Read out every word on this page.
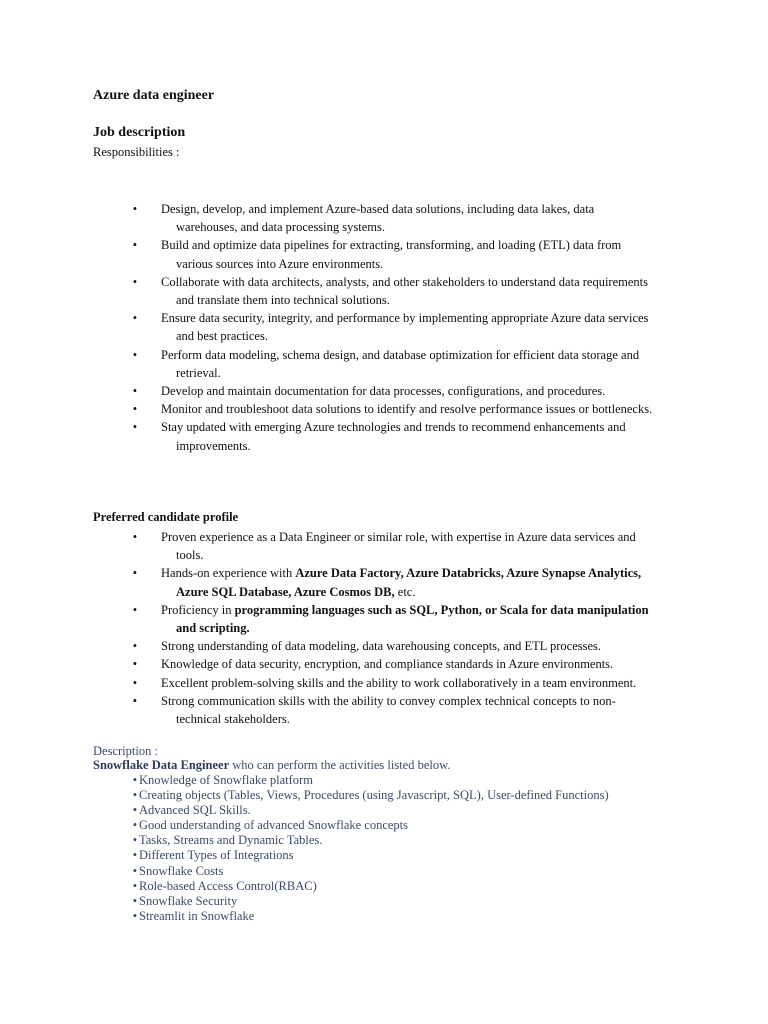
Azure data engineer
Job description

Responsibilities :

• Design, develop, and implement Azure-based data solutions, including data lakes, data
warehouses, and data processing systems.
• Build and optimize data pipelines for extracting, transforming, and loading (ETL) data from
various sources into Azure environments.
• Collaborate with data architects, analysts, and other stakeholders to understand data requirements
and translate them into technical solutions.
• Ensure data security, integrity, and performance by implementing appropriate Azure data services
and best practices.
• Perform data modeling, schema design, and database optimization for efficient data storage and
retrieval.
• Develop and maintain documentation for data processes, configurations, and procedures.
• Monitor and troubleshoot data solutions to identify and resolve performance issues or bottlenecks.
• Stay updated with emerging Azure technologies and trends to recommend enhancements and
improvements.

Preferred candidate profile

• Proven experience as a Data Engineer or similar role, with expertise in Azure data services and
tools.
• Hands-on experience with Azure Data Factory, Azure Databricks, Azure Synapse Analytics,
Azure SQL Database, Azure Cosmos DB, etc.
• Proficiency in programming languages such as SQL, Python, or Scala for data manipulation
and scripting.
• Strong understanding of data modeling, data warehousing concepts, and ETL processes.
• Knowledge of data security, encryption, and compliance standards in Azure environments.
• Excellent problem-solving skills and the ability to work collaboratively in a team environment.
• Strong communication skills with the ability to convey complex technical concepts to non-
technical stakeholders.

Description :

Snowflake Data Engineer who can perform the activities listed below.

• Knowledge of Snowflake platform
• Creating objects (Tables, Views, Procedures (using Javascript, SQL), User-defined Functions)
• Advanced SQL Skills.
• Good understanding of advanced Snowflake concepts
• Tasks, Streams and Dynamic Tables.
• Different Types of Integrations
• Snowflake Costs
• Role-based Access Control(RBAC)
• Snowflake Security
• Streamlit in Snowflake
